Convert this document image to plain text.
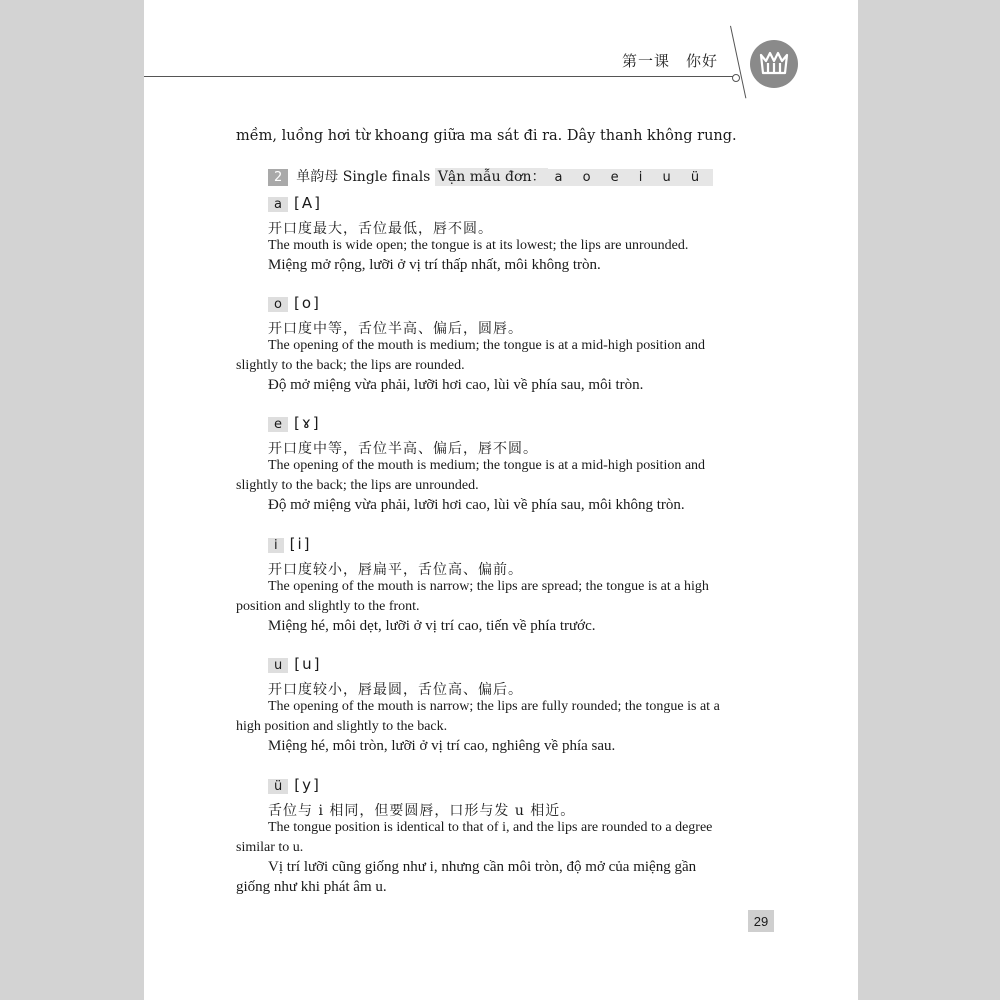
第一课　你好
mềm, luồng hơi từ khoang giữa ma sát đi ra. Dây thanh không rung.
2 单韵母 Single finals Vận mẫu đơn： a o e i u ü
a [A]
开口度最大，舌位最低，唇不圆。
The mouth is wide open; the tongue is at its lowest; the lips are unrounded.
Miệng mở rộng, lưỡi ở vị trí thấp nhất, môi không tròn.
o [o]
开口度中等，舌位半高、偏后，圆唇。
The opening of the mouth is medium; the tongue is at a mid-high position and
slightly to the back; the lips are rounded.
Độ mở miệng vừa phải, lưỡi hơi cao, lùi về phía sau, môi tròn.
e [ɤ]
开口度中等，舌位半高、偏后，唇不圆。
The opening of the mouth is medium; the tongue is at a mid-high position and
slightly to the back; the lips are unrounded.
Độ mở miệng vừa phải, lưỡi hơi cao, lùi về phía sau, môi không tròn.
i [i]
开口度较小，唇扁平，舌位高、偏前。
The opening of the mouth is narrow; the lips are spread; the tongue is at a high
position and slightly to the front.
Miệng hé, môi dẹt, lưỡi ở vị trí cao, tiến về phía trước.
u [u]
开口度较小，唇最圆，舌位高、偏后。
The opening of the mouth is narrow; the lips are fully rounded; the tongue is at a
high position and slightly to the back.
Miệng hé, môi tròn, lưỡi ở vị trí cao, nghiêng về phía sau.
ü [y]
舌位与 i 相同，但要圆唇，口形与发 u 相近。
The tongue position is identical to that of i, and the lips are rounded to a degree
similar to u.
Vị trí lưỡi cũng giống như i, nhưng cần môi tròn, độ mở của miệng gần
giống như khi phát âm u.
29
